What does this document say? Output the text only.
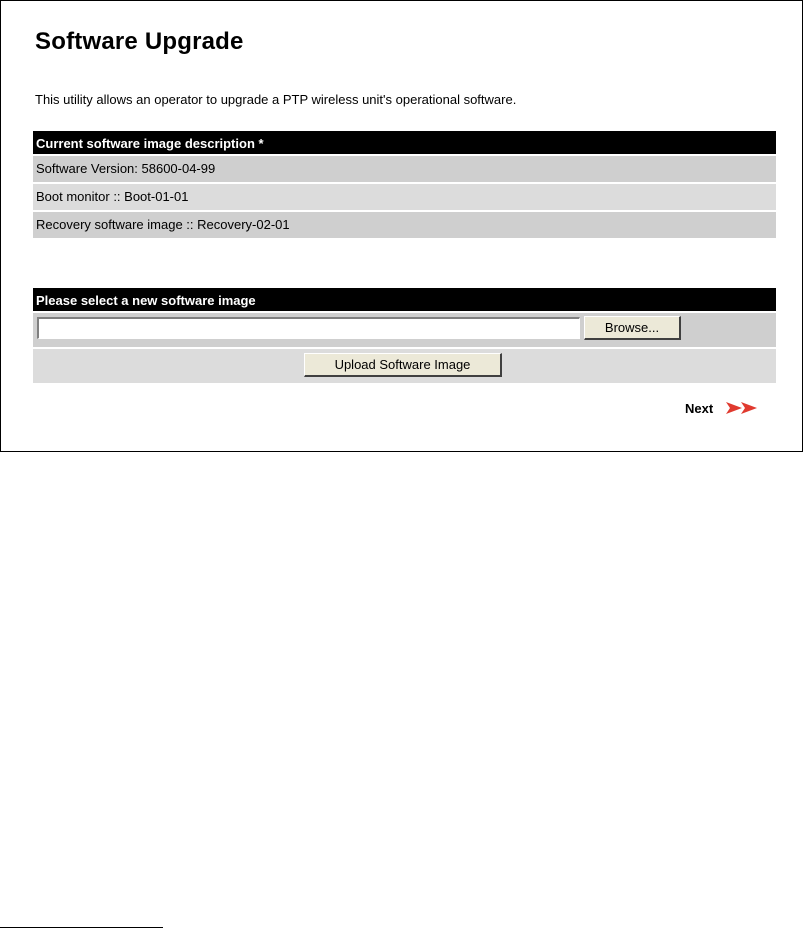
Software Upgrade

This utility allows an operator to upgrade a PTP wireless unit's operational software.

Current software image description *
Software Version: 58600-04-99
Boot monitor :: Boot-01-01
Recovery software image :: Recovery-02-01
Please select a new software image
Browse...
Upload Software Image
Next
